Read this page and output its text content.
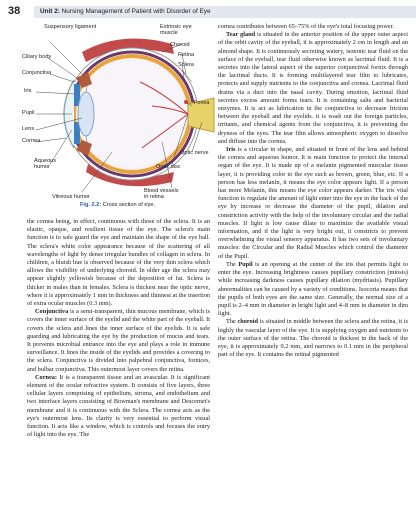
38	Unit 2: Nursing Management of Patient with Disorder of Eye
Suspensory ligament
Ciliary body
Conjunctiva
Iris
Pupil
Lens
Cornea
Aqueous
humor
Vitreous humor
Extrinsic eye
muscle
Choroid
Retina
Sclera
Fovea
Optic nerve
Optic disc
Blood vessels
in retina
Fig. 2.2: Cross section of eye.

the cornea being, in effect, continuous with those of the sclera. It is an elastic, opaque, and resilient tissue of the eye. The sclera's main function is to safe guard the eye and maintain the shape of the eye ball. The sclera's white color appearance because of the scattering of all wavelengths of light by dense irregular bundles of collagen in sclera. In children, a bluish hue is observed because of the very thin sclera which allows the visibility of underlying choroid. In older age the sclera may appear slightly yellowish because of the deposition of fat. Sclera is thicker in males than in females. Sclera is thickest near the optic nerve, where it is approximately 1 mm in thickness and thinnest at the insertion of extra ocular muscles (0.3 mm).

Conjunctiva is a semi-transparent, thin mucous membrane, which is covers the inner surface of the eyelid and the white part of the eyeball. It covers the sclera and lines the inner surface of the eyelids. It is safe guarding and lubricating the eye by the production of mucus and tears. It prevents microbial entrance into the eye and plays a role in immune surveillance. It lines the inside of the eyelids and provides a covering to the sclera. Conjunctiva is divided into palpebral conjunctiva, fornices, and bulbar conjunctiva. This outermost layer covers the retina.

Cornea: It is a transparent tissue and an avascular. It is significant element of the ocular refractive system. It consists of five layers, three cellular layers comprising of epithelium, stroma, and endothelium and two interface layers consisting of Bowman's membrane and Descemet's membrane and it is continuous with the Sclera. The cornea acts as the eye's outermost lens. Its clarity is very essential to perform visual function. It acts like a window, which is controls and focuses the entry of light into the eye. The

cornea contributes between 65–75% of the eye's total focusing power.

Tear gland is situated in the anterior position of the upper outer aspect of the orbit cavity of the eyeball, it is approximately 2 cm in length and an almond shape. It is continuously secreting watery, isotonic tear fluid on the surface of the eyeball, tear fluid otherwise known as lacrimal fluid. It is a secretes into the lateral aspect of the superior conjunctival fornix through the lacrimal ducts. It is forming multilayered tear film to lubricates, protects and supply nutrients to the conjunctiva and cornea. Lacrimal fluid drains via a duct into the nasal cavity. During emotion, lacrimal fluid secretes excess amount forms tears. It is containing salts and bacterial enzymes. It is act as lubrication in the conjunctiva to decrease friction between the eyeball and the eyelids. it is wash out the foreign particles, irritants, and chemical agents from the conjunctiva, it is preventing the dryness of the eyes. The tear film allows atmospheric oxygen to dissolve and diffuse into the cornea.

Iris is a circular in shape, and situated in front of the lens and behind the cornea and aqueous humor. It is main function to protect the internal organ of the eye. It is made up of a melanin pigmented muscular tissue layer, it is providing color to the eye such as brown, green, blue, etc. If a person has less melanin, it means the eye color appears light. If a person has more Melanin, this means the eye color appears darker. The iris vital function to regulate the amount of light enter into the eye in the back of the eye by increase or decrease the diameter of the pupil, dilation and constriction activity with the help of the involuntary circular and the radial muscles. If light is low cause dilate to maximize the available visual information, and if the light is very bright out, it constricts to prevent overwhelming the visual sensory apparatus. It has two sets of involuntary muscles: the Circular and the Radial Muscles which control the diameter of the Pupil.

The Pupil is an opening at the center of the iris that permits light to enter the eye. Increasing brightness causes pupillary constriction (miosis) while increasing darkness causes pupillary dilation (mydriasis). Pupillary abnormalities can be caused by a variety of conditions. Isocoria means that the pupils of both eyes are the same size. Generally, the normal size of a pupil is 2–4 mm in diameter in bright light and 4–8 mm in diameter in dim light.

The choroid is situated in middle between the sclera and the retina, it is highly the vascular layer of the eye. It is supplying oxygen and nutrients to the outer surface of the retina. The choroid is thickest in the back of the eye, it is approximately 0.2 mm, and narrows to 0.1 mm in the peripheral part of the eye. It contains the retinal pigmented
